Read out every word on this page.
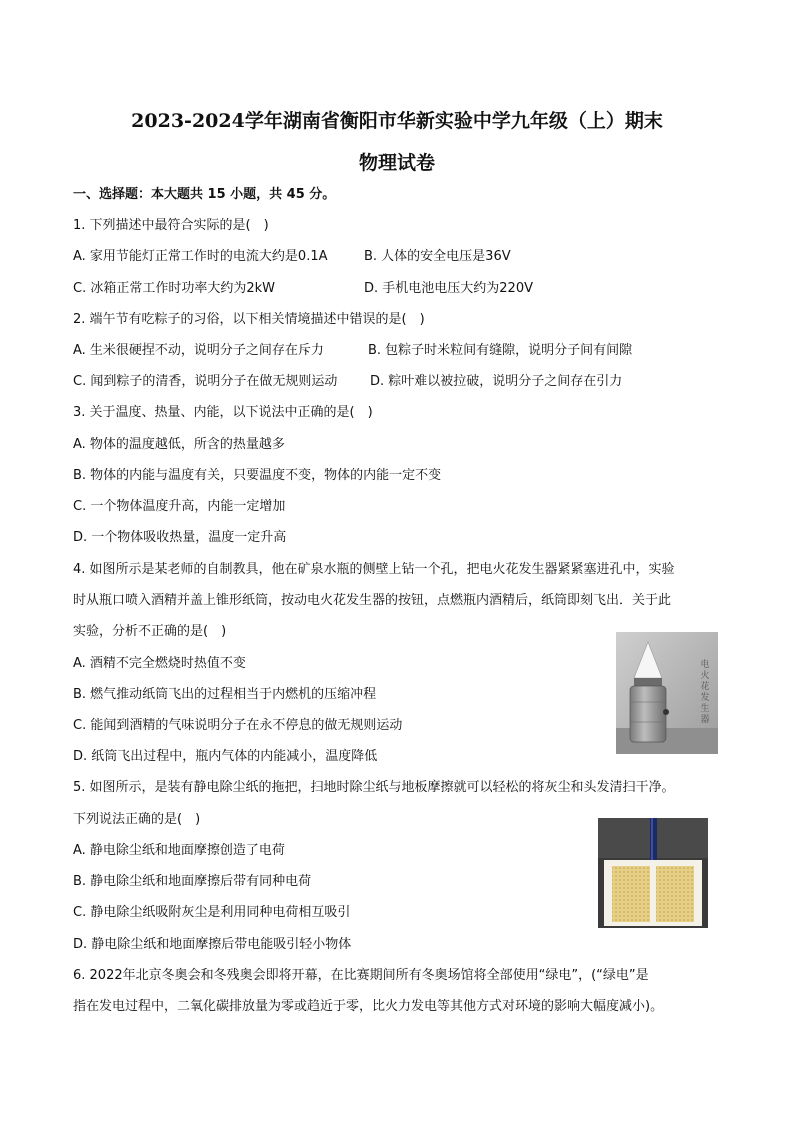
2023-2024学年湖南省衡阳市华新实验中学九年级（上）期末
物理试卷
一、选择题：本大题共 15 小题，共 45 分。
1. 下列描述中最符合实际的是(　)
A. 家用节能灯正常工作时的电流大约是0.1A	B. 人体的安全电压是36V
C. 冰箱正常工作时功率大约为2kW	D. 手机电池电压大约为220V
2. 端午节有吃粽子的习俗，以下相关情境描述中错误的是(　)
A. 生米很硬捏不动，说明分子之间存在斥力	B. 包粽子时米粒间有缝隙，说明分子间有间隙
C. 闻到粽子的清香，说明分子在做无规则运动	D. 粽叶难以被拉破，说明分子之间存在引力
3. 关于温度、热量、内能，以下说法中正确的是(　)
A. 物体的温度越低，所含的热量越多
B. 物体的内能与温度有关，只要温度不变，物体的内能一定不变
C. 一个物体温度升高，内能一定增加
D. 一个物体吸收热量，温度一定升高
4. 如图所示是某老师的自制教具，他在矿泉水瓶的侧壁上钻一个孔，把电火花发生器紧紧塞进孔中，实验
时从瓶口喷入酒精并盖上锥形纸筒，按动电火花发生器的按钮，点燃瓶内酒精后，纸筒即刻飞出．关于此
实验，分析不正确的是(　)
A. 酒精不完全燃烧时热值不变
B. 燃气推动纸筒飞出的过程相当于内燃机的压缩冲程
C. 能闻到酒精的气味说明分子在永不停息的做无规则运动
D. 纸筒飞出过程中，瓶内气体的内能减小，温度降低
电火花发生器
5. 如图所示，是装有静电除尘纸的拖把，扫地时除尘纸与地板摩擦就可以轻松的将灰尘和头发清扫干净。
下列说法正确的是(　)
A. 静电除尘纸和地面摩擦创造了电荷
B. 静电除尘纸和地面摩擦后带有同种电荷
C. 静电除尘纸吸附灰尘是利用同种电荷相互吸引
D. 静电除尘纸和地面摩擦后带电能吸引轻小物体
6. 2022年北京冬奥会和冬残奥会即将开幕，在比赛期间所有冬奥场馆将全部使用“绿电”，(“绿电”是
指在发电过程中，二氧化碳排放量为零或趋近于零，比火力发电等其他方式对环境的影响大幅度减小)。
